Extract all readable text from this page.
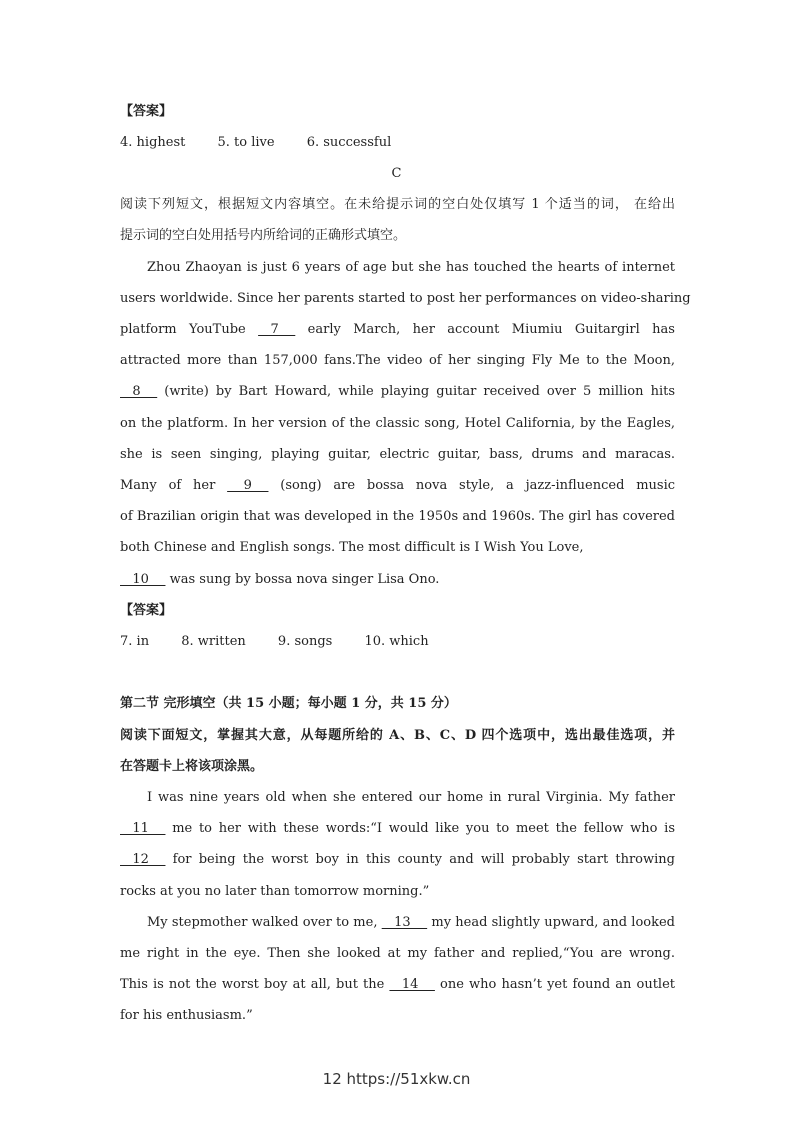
【答案】
4. highest 5. to live 6. successful
C
阅读下列短文，根据短文内容填空。在未给提示词的空白处仅填写 1 个适当的词， 在给出
提示词的空白处用括号内所给词的正确形式填空。
Zhou Zhaoyan is just 6 years of age but she has touched the hearts of internet
users worldwide. Since her parents started to post her performances on video-sharing
platform YouTube    7     early March, her account Miumiu Guitargirl has
attracted more than 157,000 fans.The video of her singing Fly Me to the Moon,
8     (write) by Bart Howard, while playing guitar received over 5 million hits
on the platform. In her version of the classic song, Hotel California, by the Eagles,
she is seen singing, playing guitar, electric guitar, bass, drums and maracas.
Many of her     9     (song) are bossa nova style, a jazz-influenced music
of Brazilian origin that was developed in the 1950s and 1960s. The girl has covered
both Chinese and English songs. The most difficult is I Wish You Love,
10     was sung by bossa nova singer Lisa Ono.
【答案】
7. in 8. written 9. songs 10. which
第二节 完形填空（共 15 小题；每小题 1 分，共 15 分）
阅读下面短文，掌握其大意，从每题所给的 A、B、C、D 四个选项中，选出最佳选项，并
在答题卡上将该项涂黑。
I was nine years old when she entered our home in rural Virginia. My father
11     me to her with these words:“I would like you to meet the fellow who is
12     for being the worst boy in this county and will probably start throwing
rocks at you no later than tomorrow morning.”
My stepmother walked over to me,    13     my head slightly upward, and looked
me right in the eye. Then she looked at my father and replied,“You are wrong.
This is not the worst boy at all, but the    14     one who hasn’t yet found an outlet
for his enthusiasm.”
12 https://51xkw.cn
